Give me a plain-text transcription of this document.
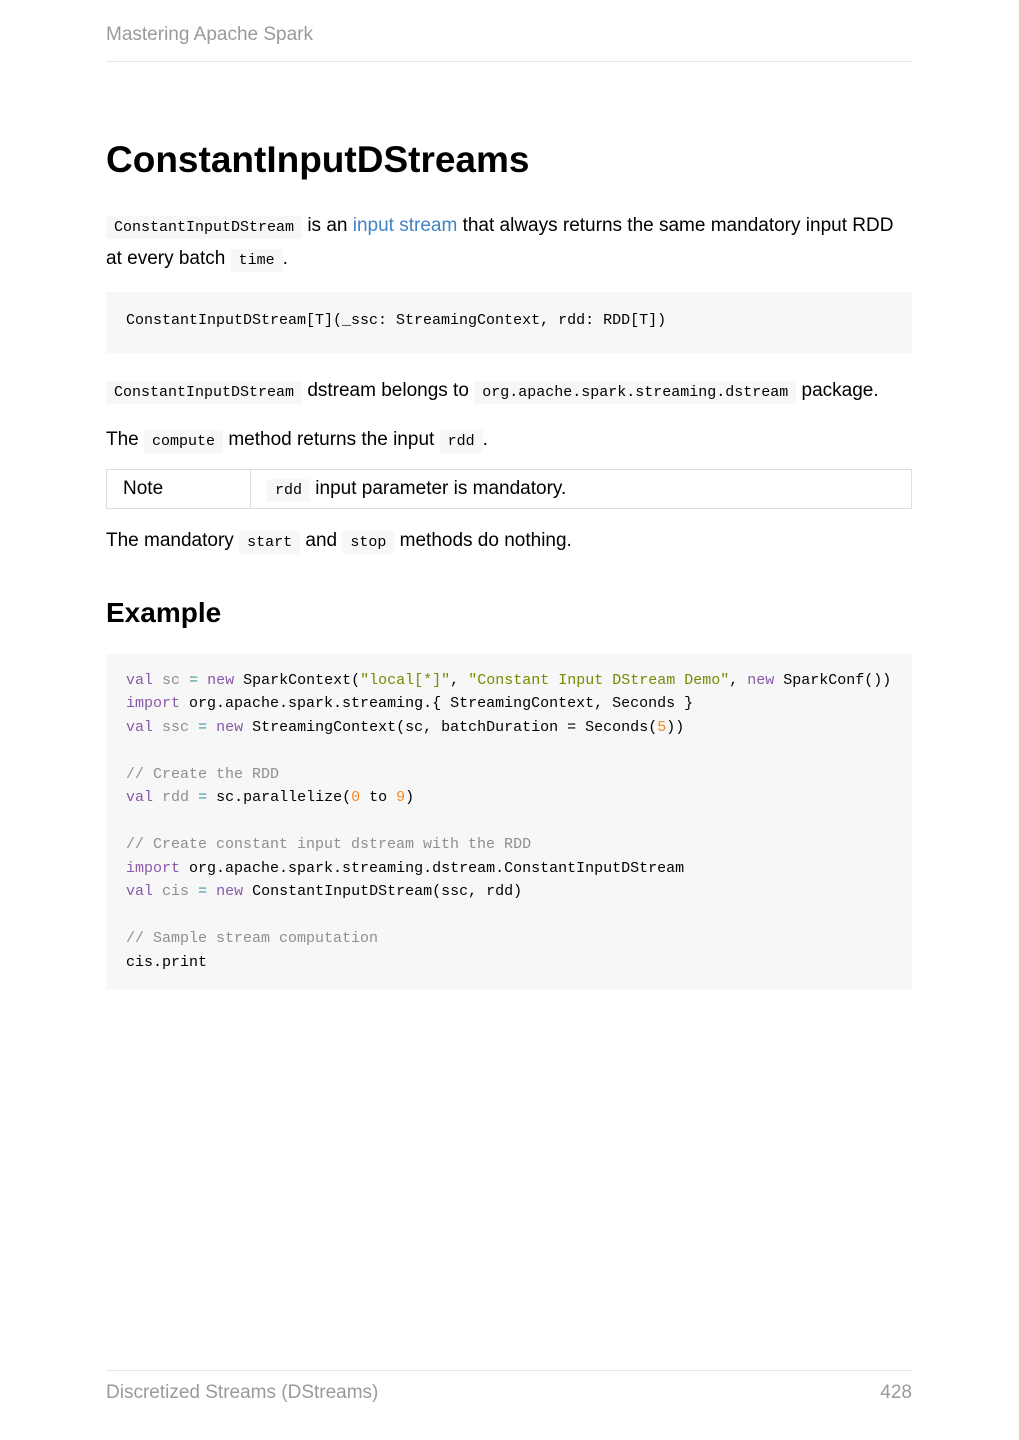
Mastering Apache Spark
ConstantInputDStreams

ConstantInputDStream is an input stream that always returns the same mandatory input RDD at every batch time .

ConstantInputDStream[T](_ssc: StreamingContext, rdd: RDD[T])

ConstantInputDStream dstream belongs to org.apache.spark.streaming.dstream package.

The compute method returns the input rdd .

Note	rdd input parameter is mandatory.

The mandatory start and stop methods do nothing.

Example
val sc = new SparkContext("local[*]", "Constant Input DStream Demo", new SparkConf())
import org.apache.spark.streaming.{ StreamingContext, Seconds }
val ssc = new StreamingContext(sc, batchDuration = Seconds(5))

// Create the RDD
val rdd = sc.parallelize(0 to 9)

// Create constant input dstream with the RDD
import org.apache.spark.streaming.dstream.ConstantInputDStream
val cis = new ConstantInputDStream(ssc, rdd)

// Sample stream computation
cis.print
Discretized Streams (DStreams)	428
